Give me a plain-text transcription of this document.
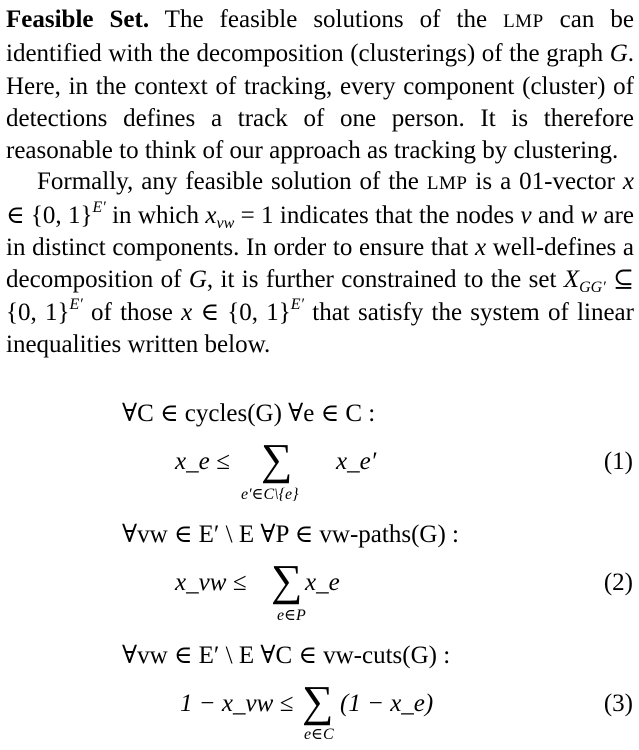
Feasible Set. The feasible solutions of the LMP can be identified with the decomposition (clusterings) of the graph G. Here, in the context of tracking, every component (cluster) of detections defines a track of one person. It is therefore reasonable to think of our approach as tracking by clustering.

Formally, any feasible solution of the LMP is a 01-vector x ∈ {0, 1}$^{E'}$ in which $x_{vw} = 1$ indicates that the nodes v and w are in distinct components. In order to ensure that x well-defines a decomposition of G, it is further constrained to the set $X_{GG'}$ ⊆ {0, 1}$^{E'}$ of those x ∈ {0, 1}$^{E'}$ that satisfy the system of linear inequalities written below.

∀C ∈ cycles(G) ∀e ∈ C :
x_e ≤ ∑
e′∈C\{e}
x_e′	(1)
∀vw ∈ E′ \ E ∀P ∈ vw-paths(G) :
x_vw ≤ ∑
e∈P
x_e	(2)
∀vw ∈ E′ \ E ∀C ∈ vw-cuts(G) :
1 − x_vw ≤ ∑
e∈C
(1 − x_e)	(3)
